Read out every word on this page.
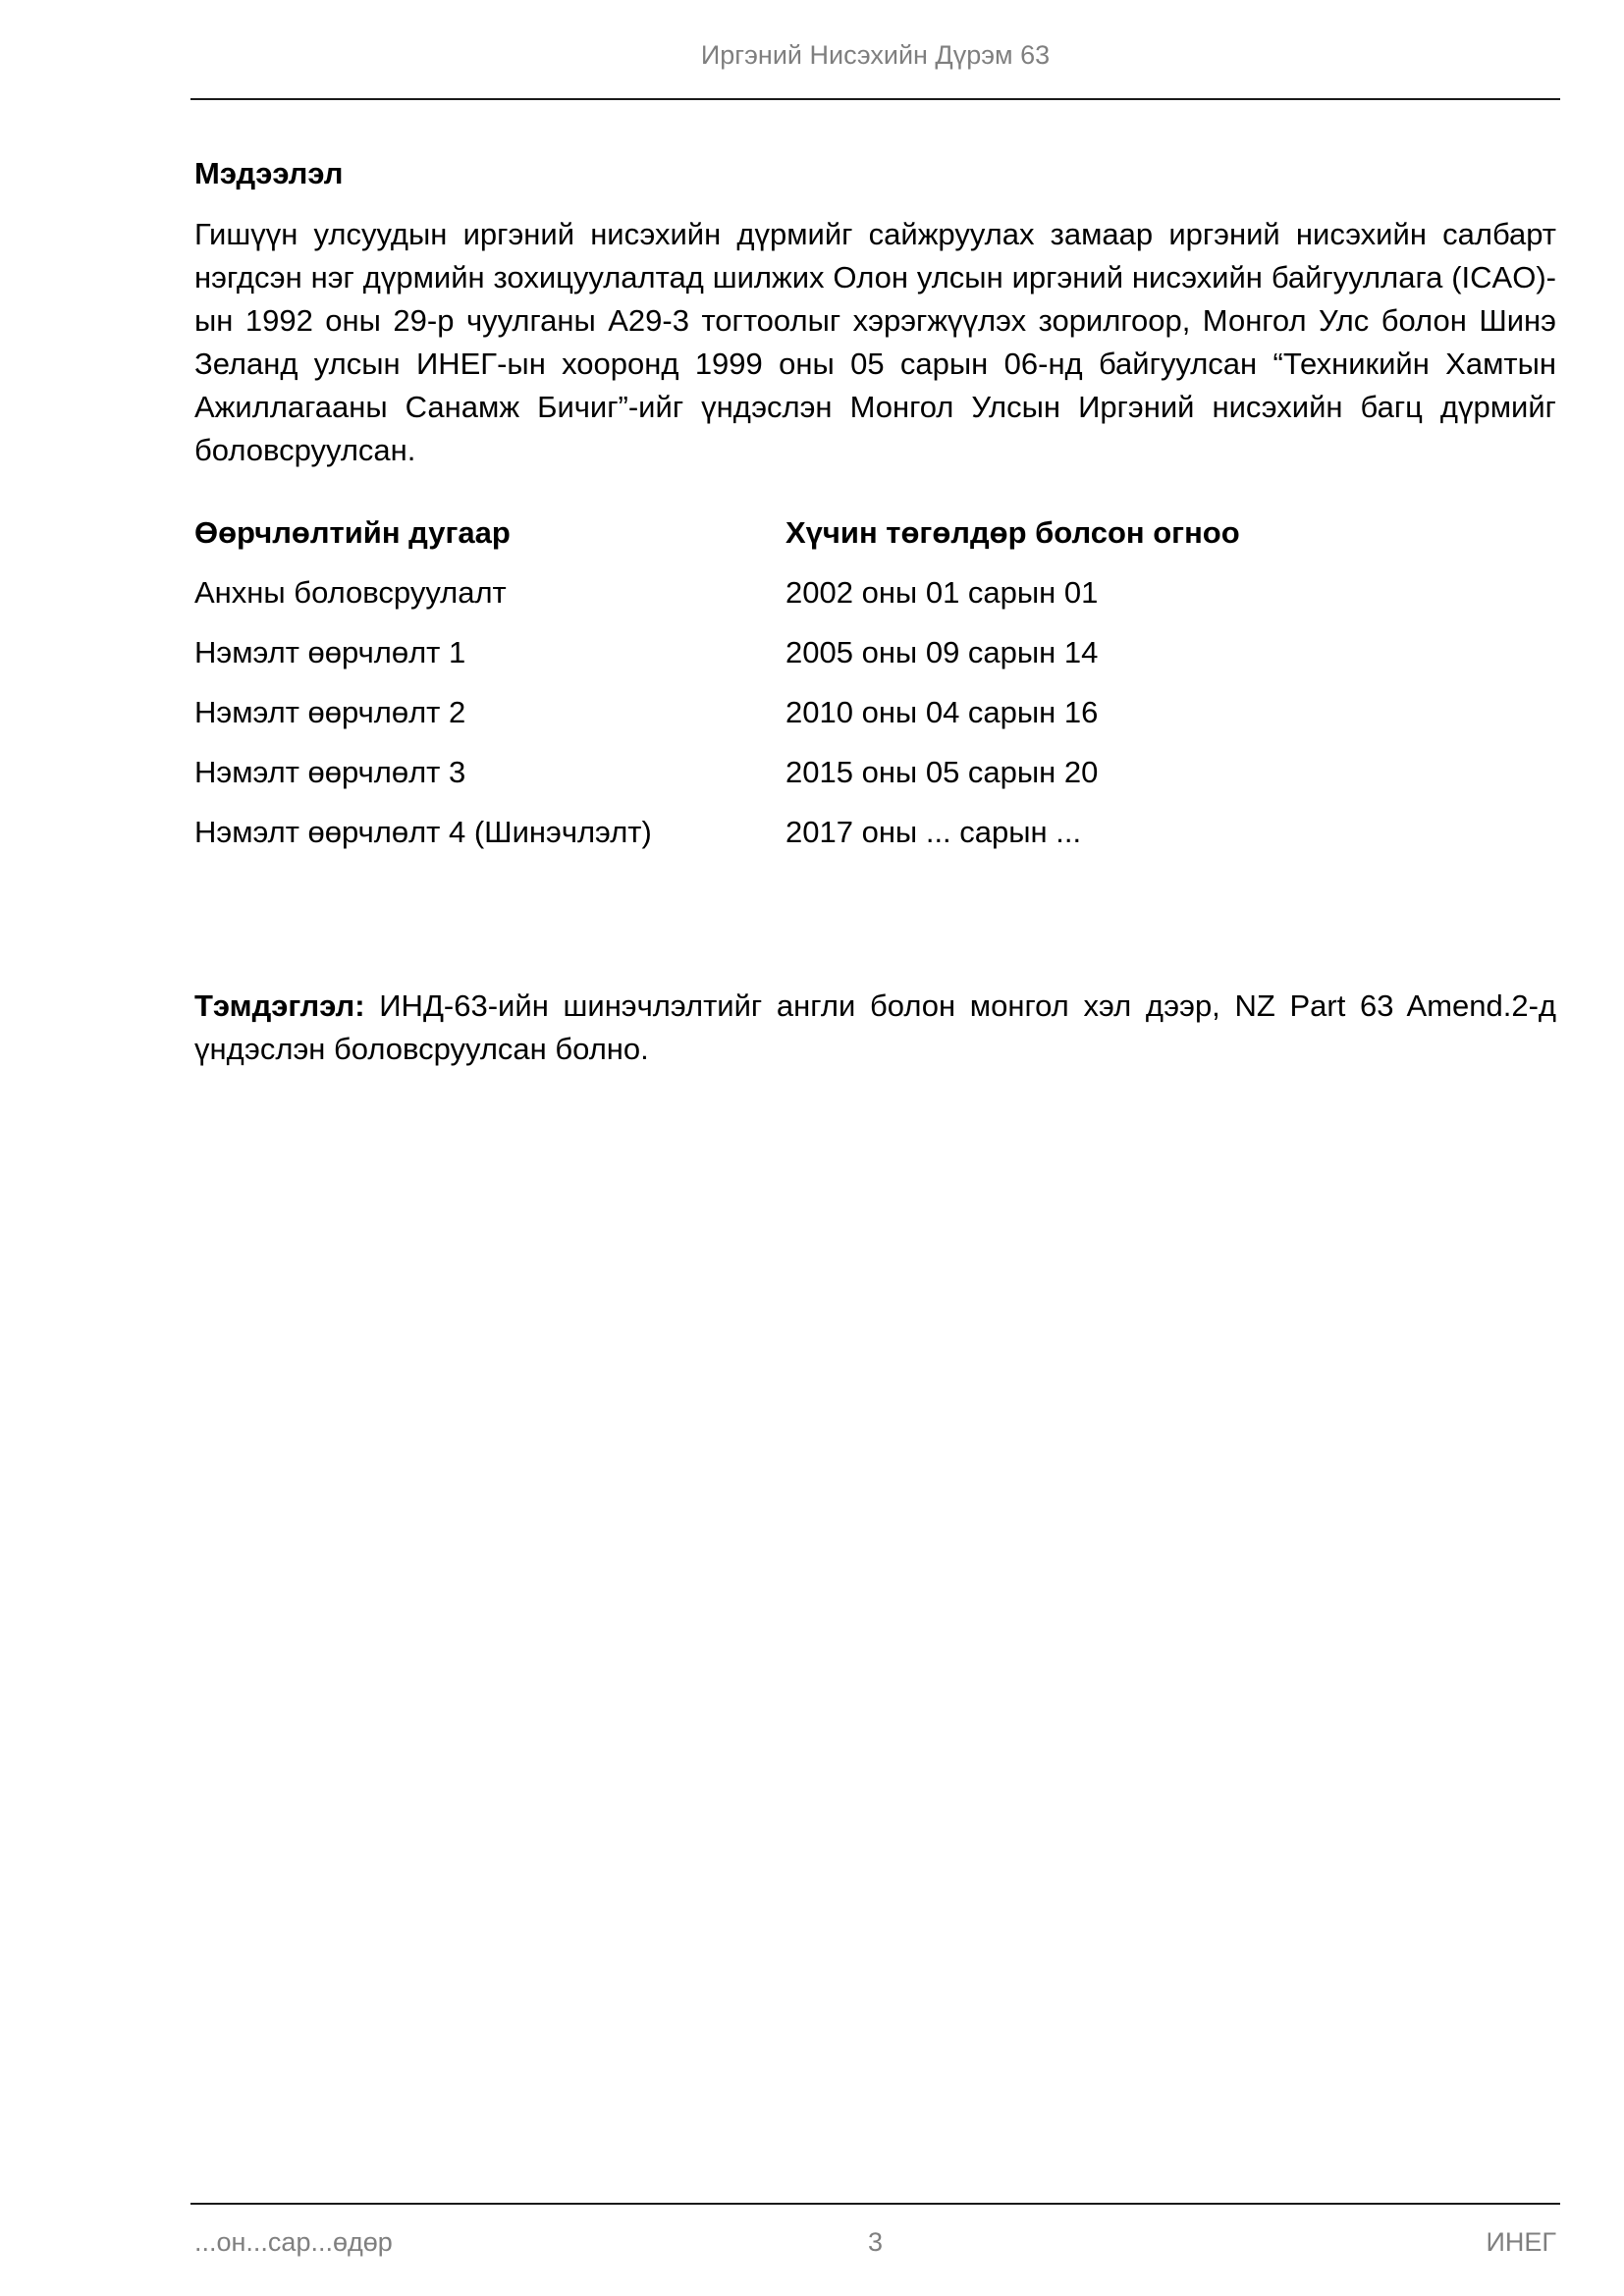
Иргэний Нисэхийн Дүрэм 63
Мэдээлэл

Гишүүн улсуудын иргэний нисэхийн дүрмийг сайжруулах замаар иргэний нисэхийн салбарт нэгдсэн нэг дүрмийн зохицуулалтад шилжих Олон улсын иргэний нисэхийн байгууллага (ICAO)-ын 1992 оны 29-р чуулганы A29-3 тогтоолыг хэрэгжүүлэх зорилгоор, Монгол Улс болон Шинэ Зеланд улсын ИНЕГ-ын хооронд 1999 оны 05 сарын 06-нд байгуулсан “Техникийн Хамтын Ажиллагааны Санамж Бичиг”-ийг үндэслэн Монгол Улсын Иргэний нисэхийн багц дүрмийг боловсруулсан.

Өөрчлөлтийн дугаар	Хүчин төгөлдөр болсон огноо
Анхны боловсруулалт	2002 оны 01 сарын 01
Нэмэлт өөрчлөлт 1	2005 оны 09 сарын 14
Нэмэлт өөрчлөлт 2	2010 оны 04 сарын 16
Нэмэлт өөрчлөлт 3	2015 оны 05 сарын 20
Нэмэлт өөрчлөлт 4 (Шинэчлэлт)	2017 оны ... сарын ...

Тэмдэглэл: ИНД-63-ийн шинэчлэлтийг англи болон монгол хэл дээр, NZ Part 63 Amend.2-д үндэслэн боловсруулсан болно.

3
...он...сар...өдөр	ИНЕГ
